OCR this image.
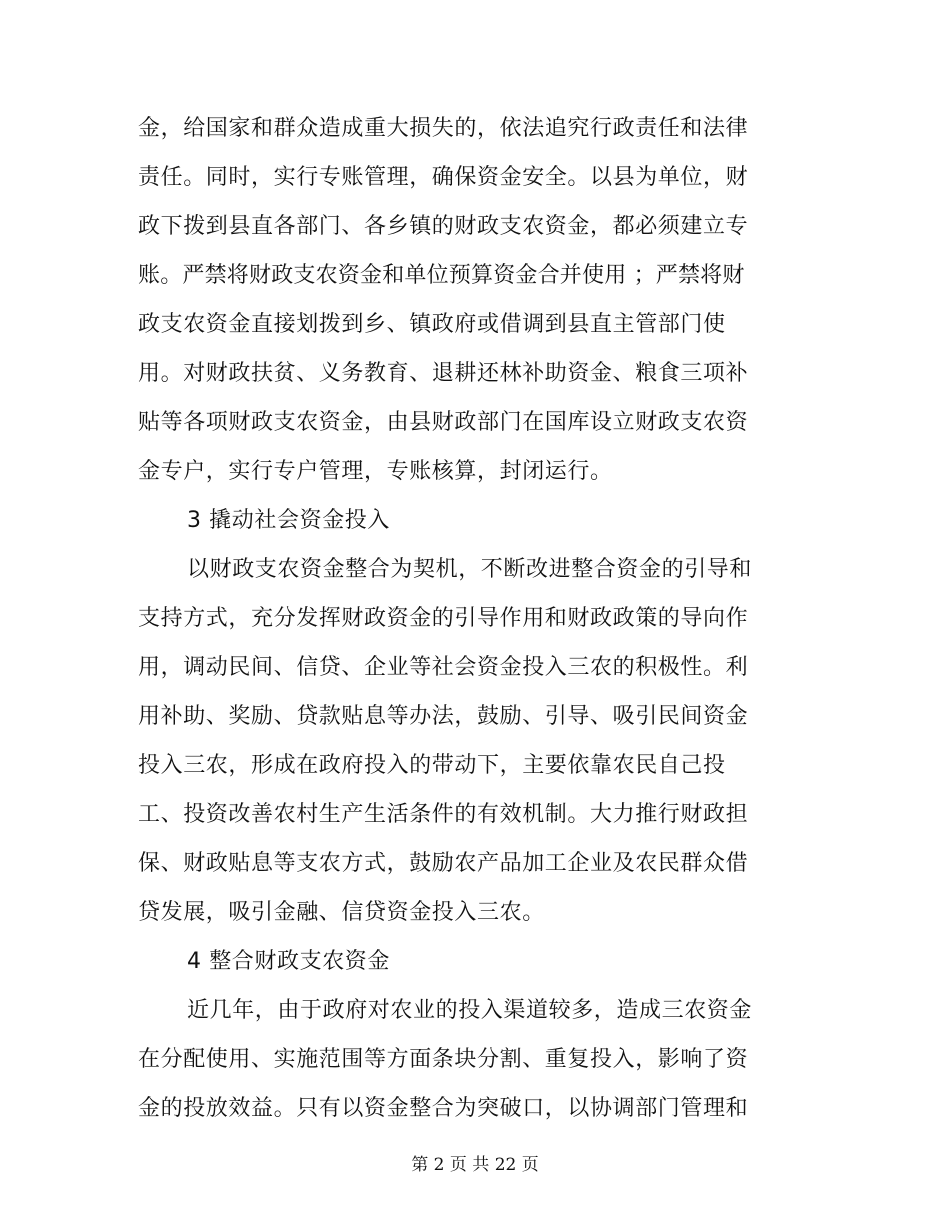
金，给国家和群众造成重大损失的，依法追究行政责任和法律
责任。同时，实行专账管理，确保资金安全。以县为单位，财
政下拨到县直各部门、各乡镇的财政支农资金，都必须建立专
账。严禁将财政支农资金和单位预算资金合并使用 ；严禁将财
政支农资金直接划拨到乡、镇政府或借调到县直主管部门使
用。对财政扶贫、义务教育、退耕还林补助资金、粮食三项补
贴等各项财政支农资金，由县财政部门在国库设立财政支农资
金专户，实行专户管理，专账核算，封闭运行。
3 撬动社会资金投入
以财政支农资金整合为契机，不断改进整合资金的引导和
支持方式，充分发挥财政资金的引导作用和财政政策的导向作
用，调动民间、信贷、企业等社会资金投入三农的积极性。利
用补助、奖励、贷款贴息等办法，鼓励、引导、吸引民间资金
投入三农，形成在政府投入的带动下，主要依靠农民自己投
工、投资改善农村生产生活条件的有效机制。大力推行财政担
保、财政贴息等支农方式，鼓励农产品加工企业及农民群众借
贷发展，吸引金融、信贷资金投入三农。
4 整合财政支农资金
近几年，由于政府对农业的投入渠道较多，造成三农资金
在分配使用、实施范围等方面条块分割、重复投入，影响了资
金的投放效益。只有以资金整合为突破口，以协调部门管理和
第 2 页 共 22 页
